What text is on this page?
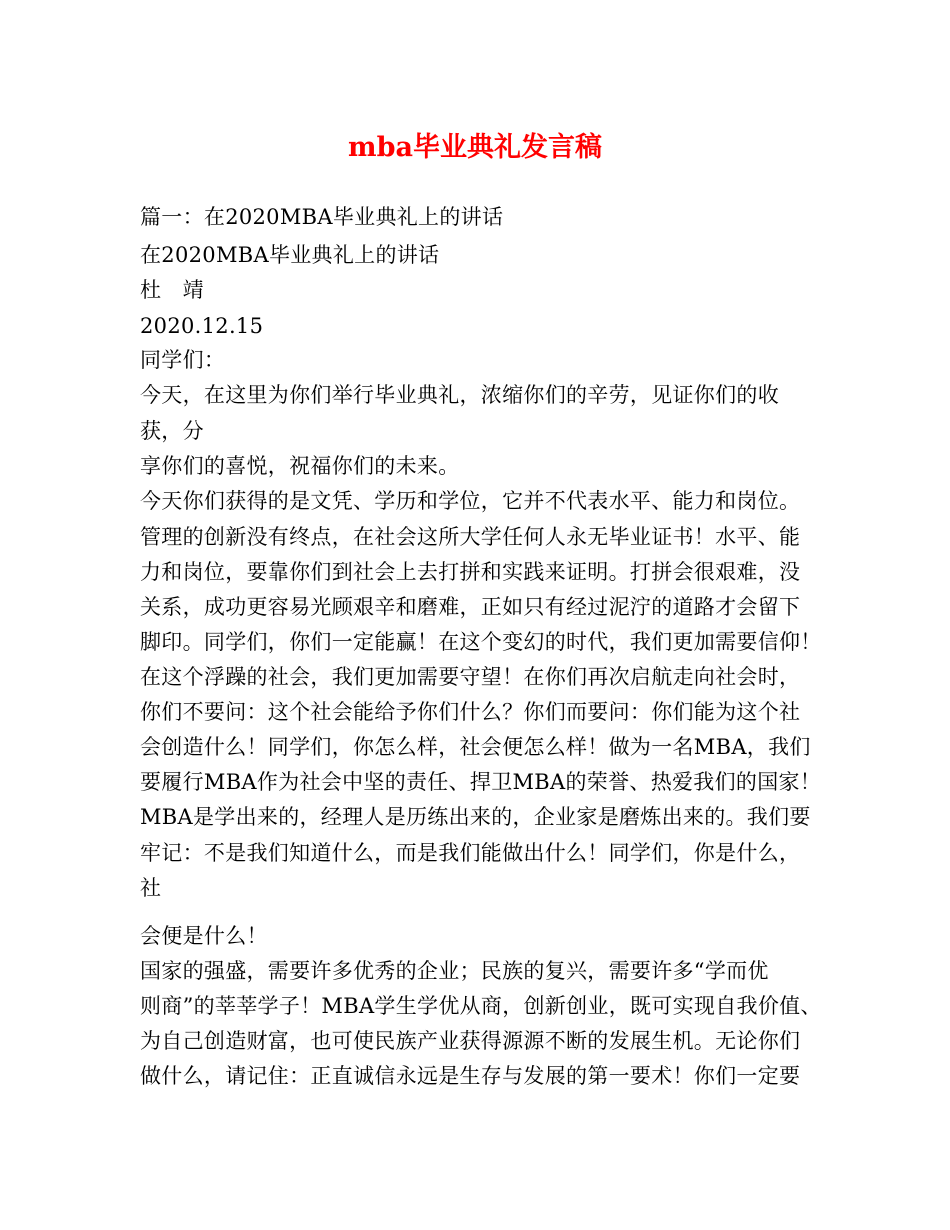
mba毕业典礼发言稿
篇一：在2020MBA毕业典礼上的讲话
在2020MBA毕业典礼上的讲话
杜　靖
2020.12.15
同学们：
今天，在这里为你们举行毕业典礼，浓缩你们的辛劳，见证你们的收
获，分
享你们的喜悦，祝福你们的未来。
今天你们获得的是文凭、学历和学位，它并不代表水平、能力和岗位。
管理的创新没有终点，在社会这所大学任何人永无毕业证书！水平、能
力和岗位，要靠你们到社会上去打拼和实践来证明。打拼会很艰难，没
关系，成功更容易光顾艰辛和磨难，正如只有经过泥泞的道路才会留下
脚印。同学们，你们一定能赢！在这个变幻的时代，我们更加需要信仰！
在这个浮躁的社会，我们更加需要守望！在你们再次启航走向社会时，
你们不要问：这个社会能给予你们什么？你们而要问：你们能为这个社
会创造什么！同学们，你怎么样，社会便怎么样！做为一名MBA，我们
要履行MBA作为社会中坚的责任、捍卫MBA的荣誉、热爱我们的国家！
MBA是学出来的，经理人是历练出来的，企业家是磨炼出来的。我们要
牢记：不是我们知道什么，而是我们能做出什么！同学们，你是什么，
社
会便是什么！
国家的强盛，需要许多优秀的企业；民族的复兴，需要许多“学而优
则商”的莘莘学子！MBA学生学优从商，创新创业，既可实现自我价值、
为自己创造财富，也可使民族产业获得源源不断的发展生机。无论你们
做什么，请记住：正直诚信永远是生存与发展的第一要术！你们一定要
